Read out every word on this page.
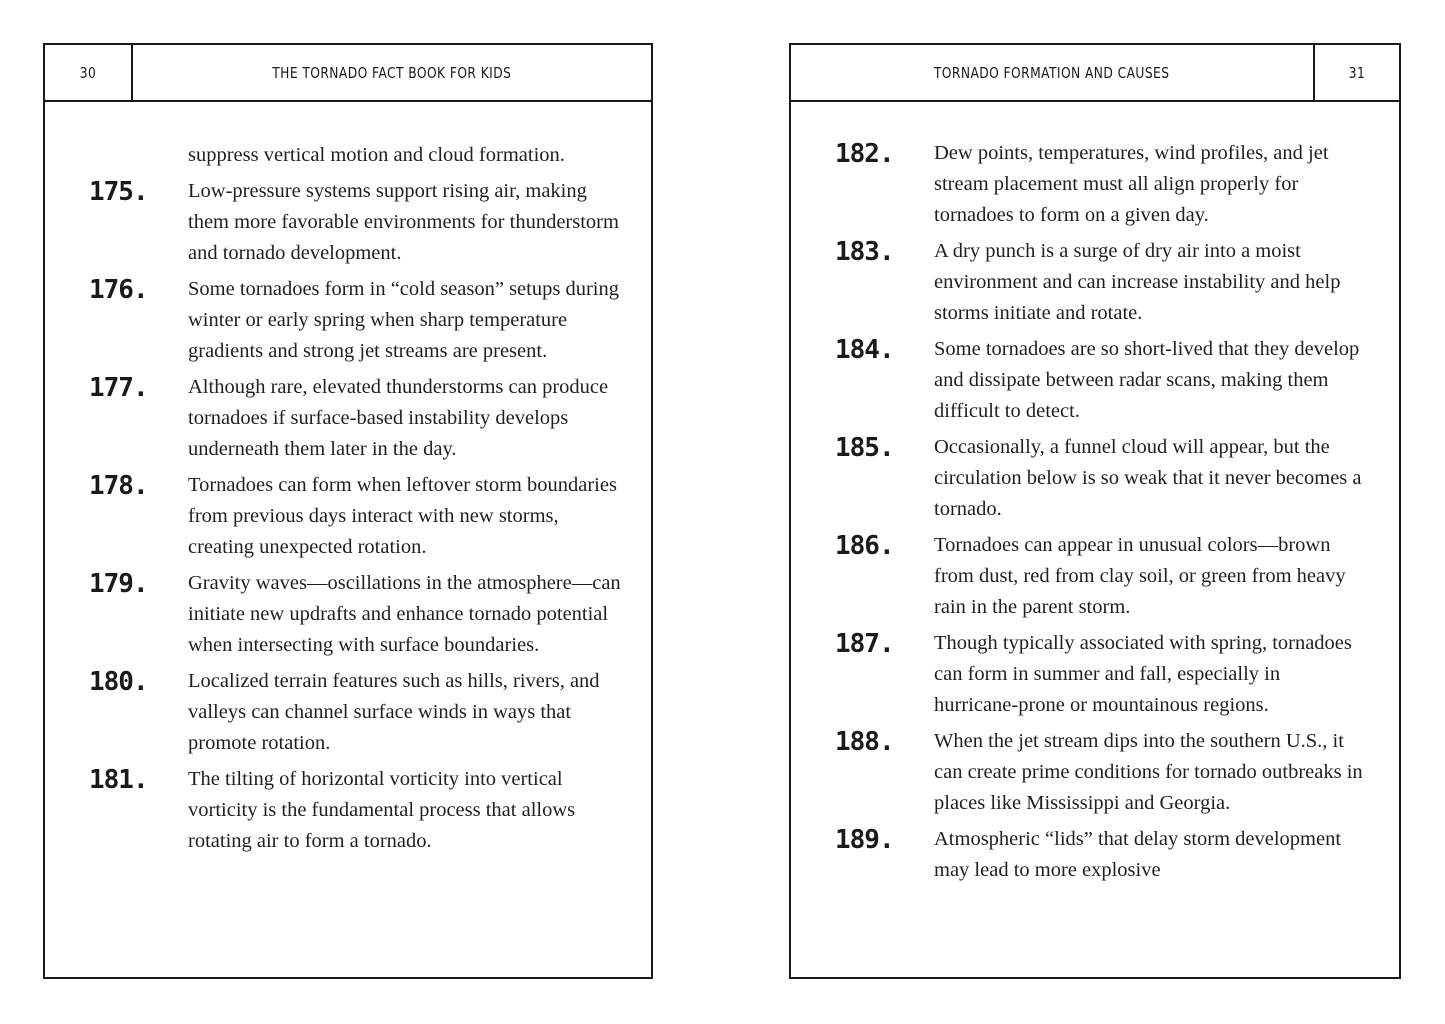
30	THE TORNADO FACT BOOK FOR KIDS
suppress vertical motion and cloud formation.
175.	Low-pressure systems support rising air, making them more favorable environments for thunderstorm and tornado development.
176.	Some tornadoes form in “cold season” setups during winter or early spring when sharp temperature gradients and strong jet streams are present.
177.	Although rare, elevated thunderstorms can produce tornadoes if surface-based instability develops underneath them later in the day.
178.	Tornadoes can form when leftover storm boundaries from previous days interact with new storms, creating unexpected rotation.
179.	Gravity waves—oscillations in the atmosphere—can initiate new updrafts and enhance tornado potential when intersecting with surface boundaries.
180.	Localized terrain features such as hills, rivers, and valleys can channel surface winds in ways that promote rotation.
181.	The tilting of horizontal vorticity into vertical vorticity is the fundamental process that allows rotating air to form a tornado.
TORNADO FORMATION AND CAUSES	31
182.	Dew points, temperatures, wind profiles, and jet stream placement must all align properly for tornadoes to form on a given day.
183.	A dry punch is a surge of dry air into a moist environment and can increase instability and help storms initiate and rotate.
184.	Some tornadoes are so short-lived that they develop and dissipate between radar scans, making them difficult to detect.
185.	Occasionally, a funnel cloud will appear, but the circulation below is so weak that it never becomes a tornado.
186.	Tornadoes can appear in unusual colors—brown from dust, red from clay soil, or green from heavy rain in the parent storm.
187.	Though typically associated with spring, tornadoes can form in summer and fall, especially in hurricane-prone or mountainous regions.
188.	When the jet stream dips into the southern U.S., it can create prime conditions for tornado outbreaks in places like Mississippi and Georgia.
189.	Atmospheric “lids” that delay storm development may lead to more explosive
